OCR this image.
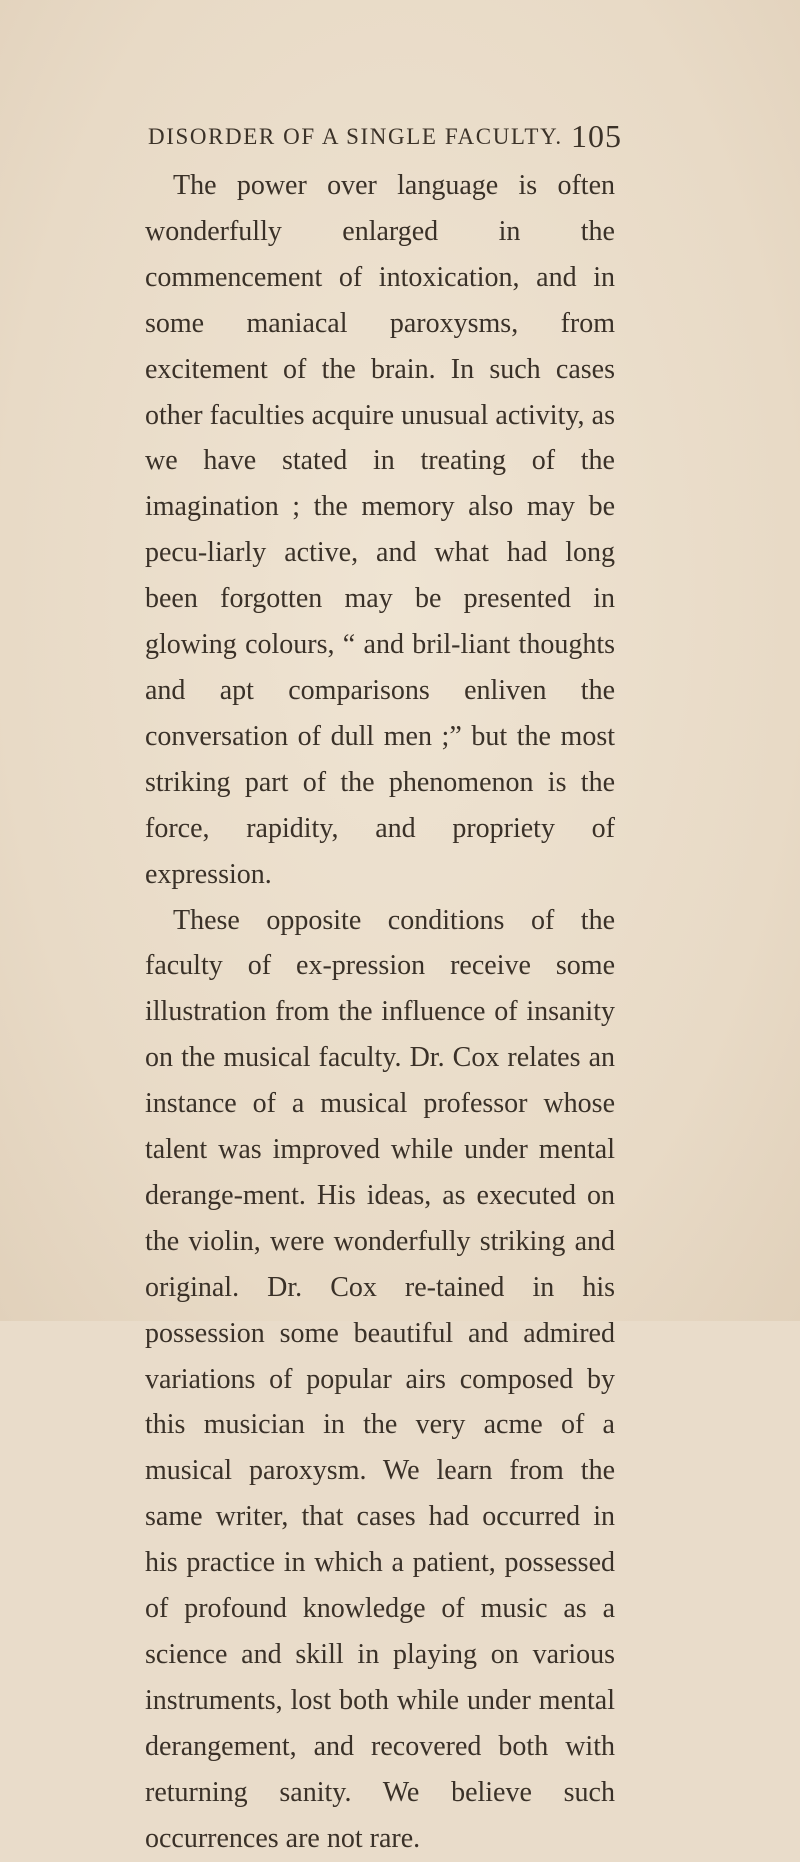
DISORDER OF A SINGLE FACULTY. 105

The power over language is often wonderfully enlarged in the commencement of intoxication, and in some maniacal paroxysms, from excitement of the brain. In such cases other faculties acquire unusual activity, as we have stated in treating of the imagination ; the memory also may be pecu-liarly active, and what had long been forgotten may be presented in glowing colours, “ and bril-liant thoughts and apt comparisons enliven the conversation of dull men ;” but the most striking part of the phenomenon is the force, rapidity, and propriety of expression.

These opposite conditions of the faculty of ex-pression receive some illustration from the influence of insanity on the musical faculty. Dr. Cox relates an instance of a musical professor whose talent was improved while under mental derange-ment. His ideas, as executed on the violin, were wonderfully striking and original. Dr. Cox re-tained in his possession some beautiful and admired variations of popular airs composed by this musician in the very acme of a musical paroxysm. We learn from the same writer, that cases had occurred in his practice in which a patient, possessed of profound knowledge of music as a science and skill in playing on various instruments, lost both while under mental derangement, and recovered both with returning sanity. We believe such occurrences are not rare.
